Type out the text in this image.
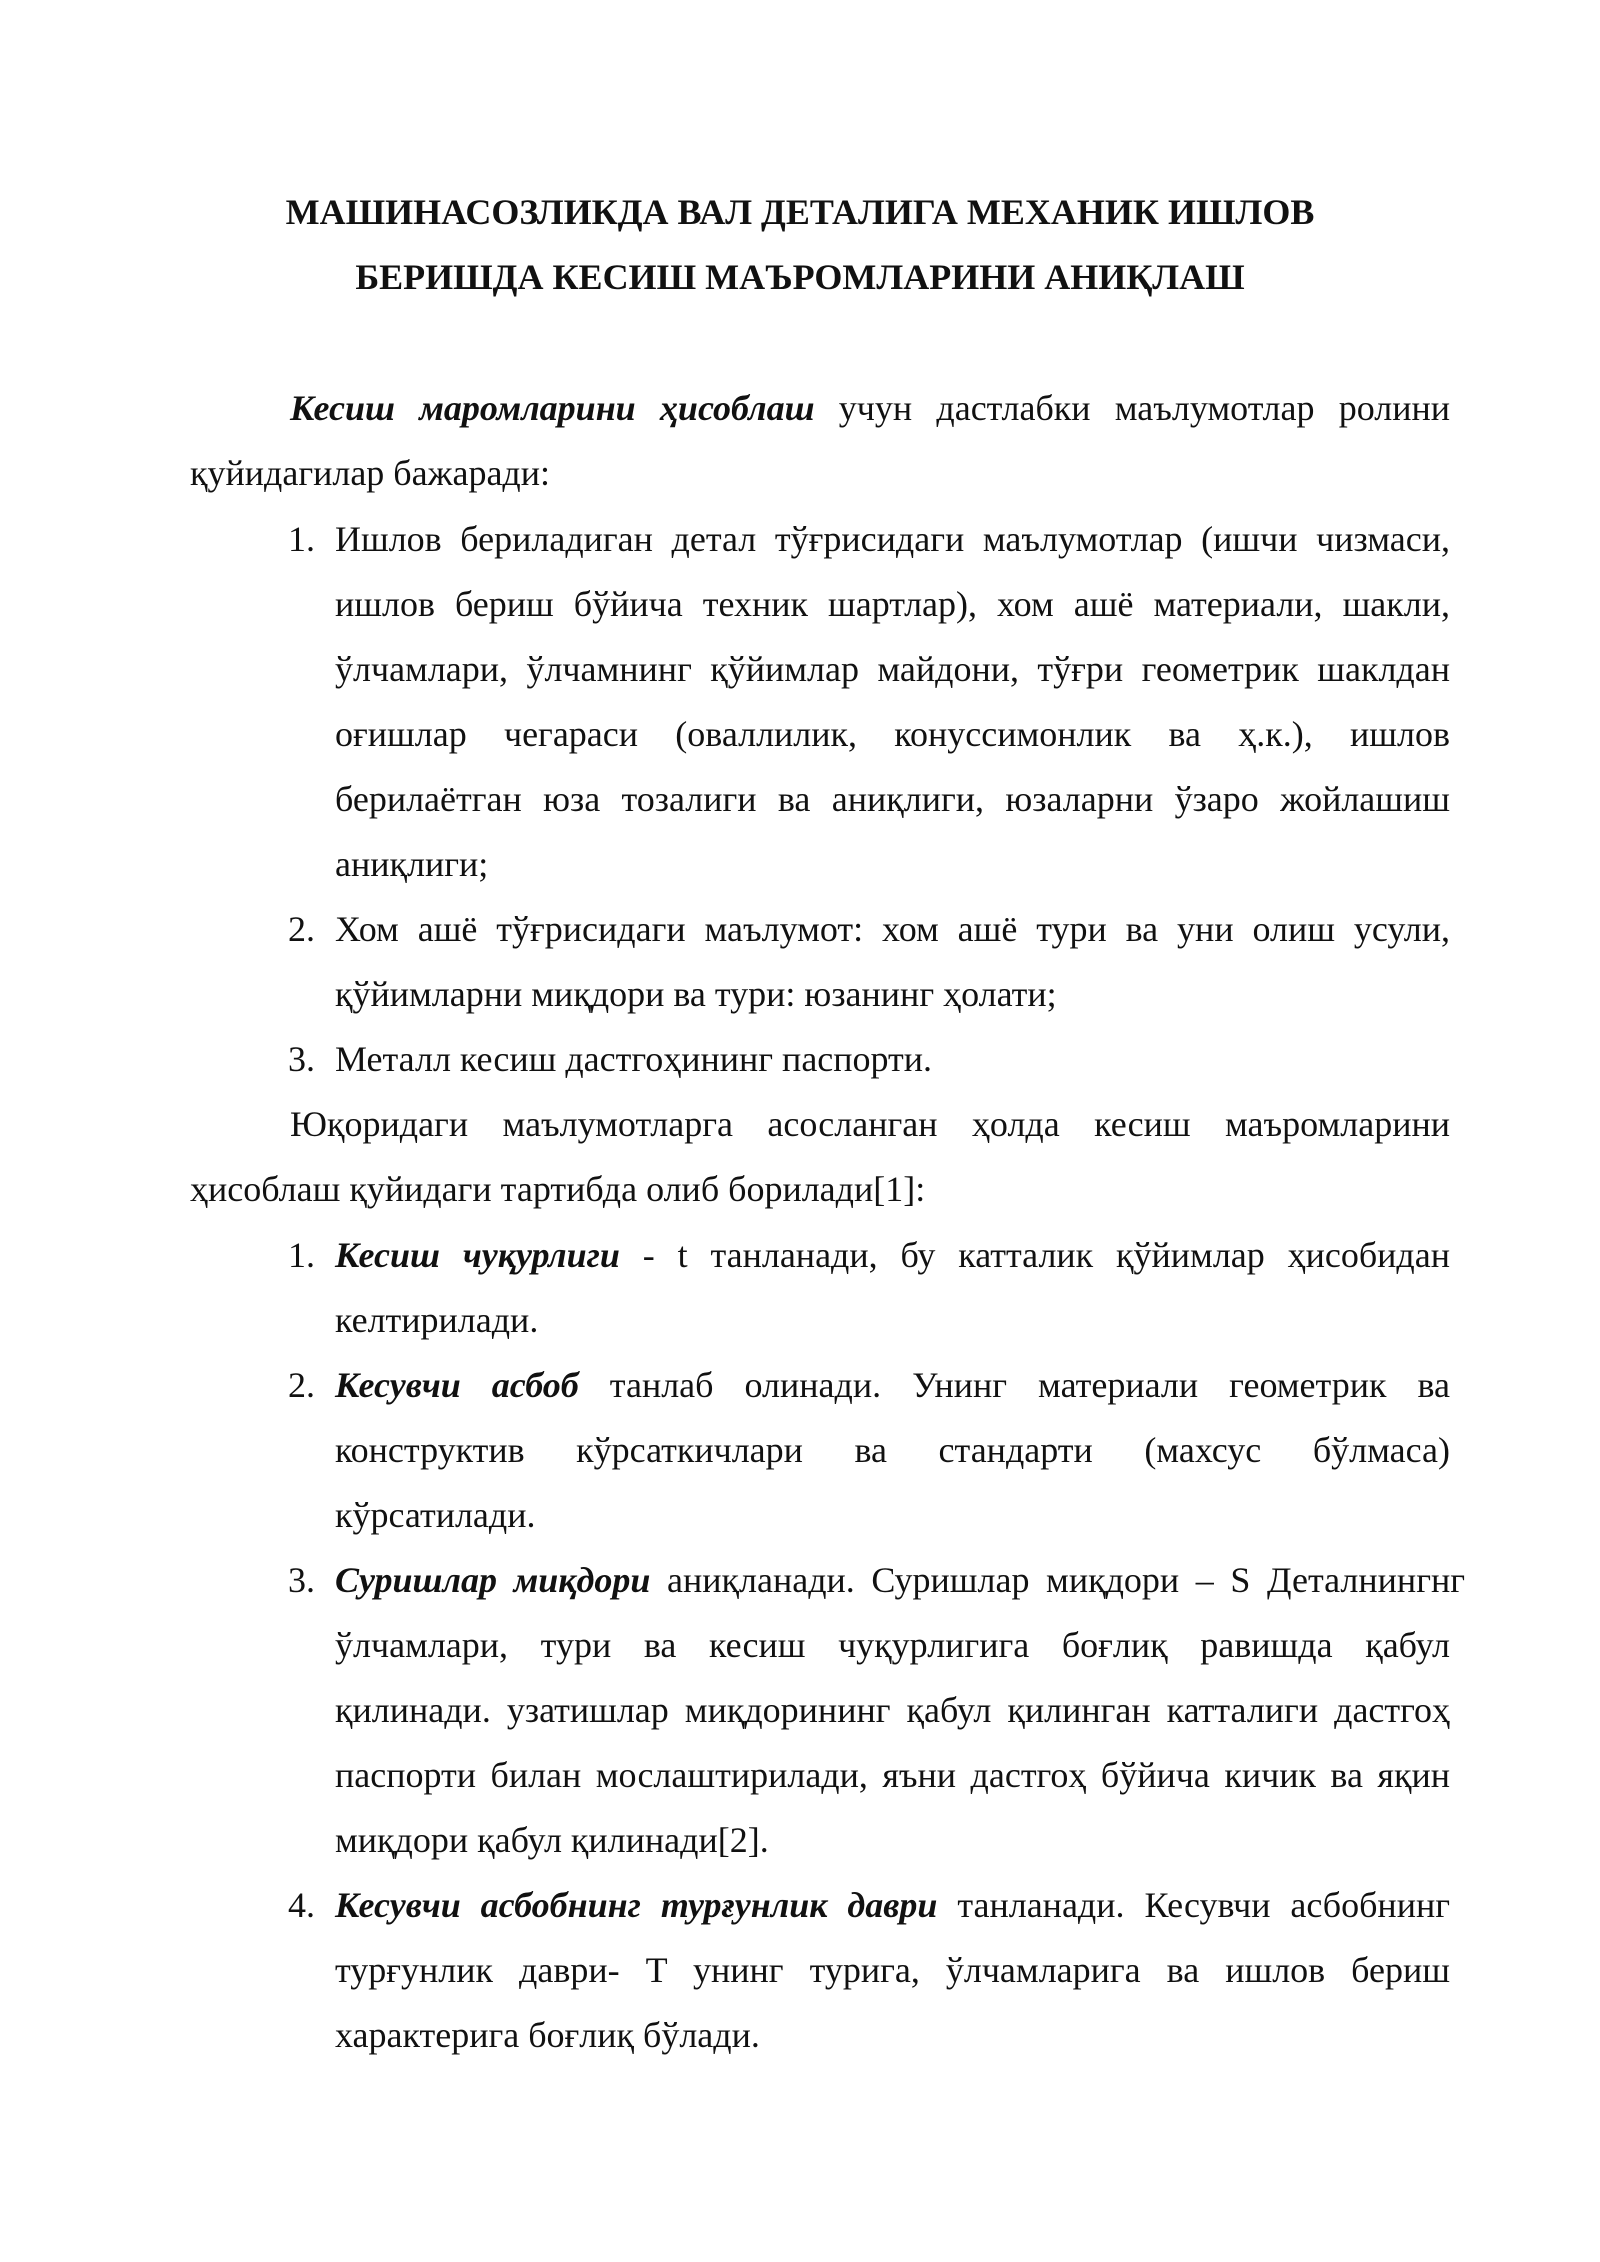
МАШИНАСОЗЛИКДА ВАЛ ДЕТАЛИГА МЕХАНИК ИШЛОВ
БЕРИШДА КЕСИШ МАЪРОМЛАРИНИ АНИҚЛАШ
Кесиш маромларини ҳисоблаш учун дастлабки маълумотлар ролини
қуйидагилар бажаради:
1. Ишлов бериладиган детал тўғрисидаги маълумотлар (ишчи чизмаси,
ишлов бериш бўйича техник шартлар), хом ашё материали, шакли,
ўлчамлари, ўлчамнинг қўйимлар майдони, тўғри геометрик шаклдан
оғишлар чегараси (оваллилик, конуссимонлик ва ҳ.к.), ишлов
берилаётган юза тозалиги ва аниқлиги, юзаларни ўзаро жойлашиш
аниқлиги;
2. Хом ашё тўғрисидаги маълумот: хом ашё тури ва уни олиш усули,
қўйимларни миқдори ва тури: юзанинг ҳолати;
3. Металл кесиш дастгоҳининг паспорти.
Юқоридаги маълумотларга асосланган ҳолда кесиш маъромларини
ҳисоблаш қуйидаги тартибда олиб борилади[1]:
1. Кесиш чуқурлиги - t танланади, бу катталик қўйимлар ҳисобидан
келтирилади.
2. Кесувчи асбоб танлаб олинади. Унинг материали геометрик ва
конструктив кўрсаткичлари ва стандарти (махсус бўлмаса)
кўрсатилади.
3. Суришлар миқдори аниқланади. Суришлар миқдори – S Деталнингнг
ўлчамлари, тури ва кесиш чуқурлигига боғлиқ равишда қабул
қилинади. узатишлар миқдорининг қабул қилинган катталиги дастгоҳ
паспорти билан мослаштирилади, яъни дастгоҳ бўйича кичик ва яқин
миқдори қабул қилинади[2].
4. Кесувчи асбобнинг турғунлик даври танланади. Кесувчи асбобнинг
турғунлик даври- T унинг турига, ўлчамларига ва ишлов бериш
характерига боғлиқ бўлади.
